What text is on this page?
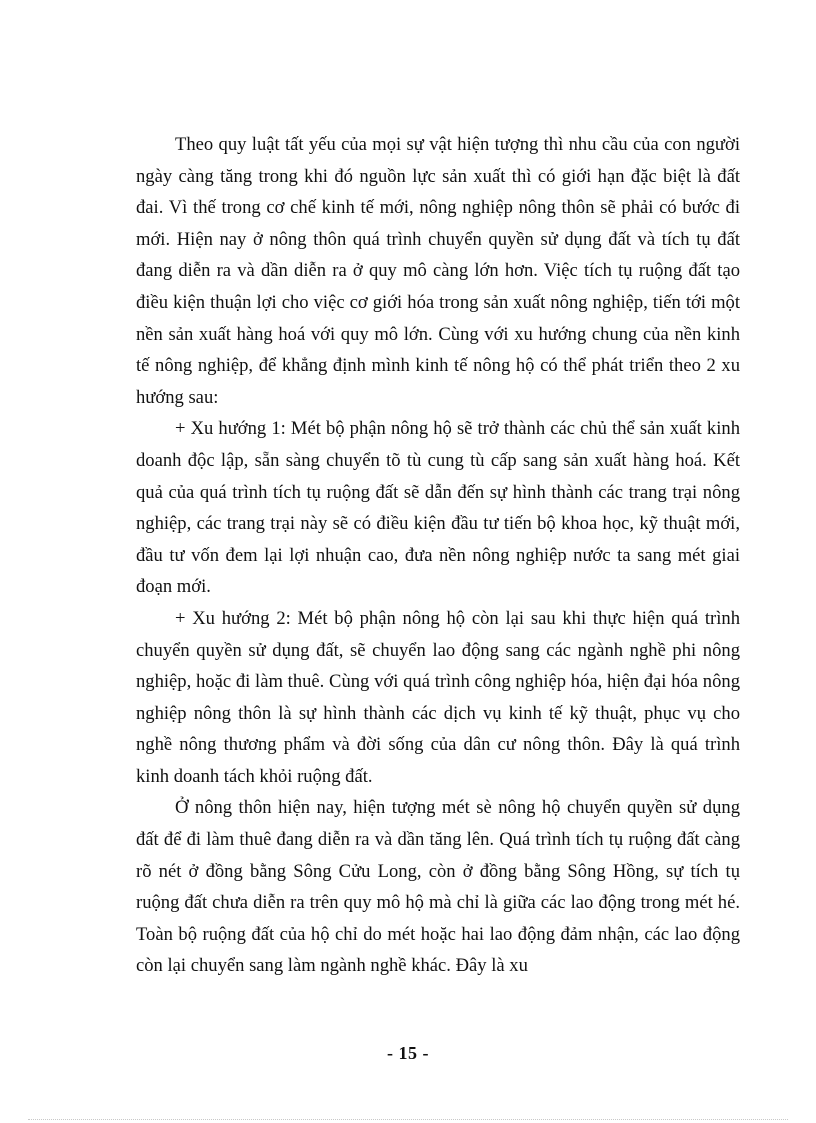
Theo quy luật tất yếu của mọi sự vật hiện tượng thì nhu cầu của con người ngày càng tăng trong khi đó nguồn lực sản xuất thì có giới hạn đặc biệt là đất đai. Vì thế trong cơ chế kinh tế mới, nông nghiệp nông thôn sẽ phải có bước đi mới. Hiện nay ở nông thôn quá trình chuyển quyền sử dụng đất và tích tụ đất đang diễn ra và dần diễn ra ở quy mô càng lớn hơn. Việc tích tụ ruộng đất tạo điều kiện thuận lợi cho việc cơ giới hóa trong sản xuất nông nghiệp, tiến tới một nền sản xuất hàng hoá với quy mô lớn. Cùng với xu hướng chung của nền kinh tế nông nghiệp, để khẳng định mình kinh tế nông hộ có thể phát triển theo 2 xu hướng sau:

+ Xu hướng 1: Mét bộ phận nông hộ sẽ trở thành các chủ thể sản xuất kinh doanh độc lập, sẵn sàng chuyển tõ tù cung tù cấp sang sản xuất hàng hoá. Kết quả của quá trình tích tụ ruộng đất sẽ dẫn đến sự hình thành các trang trại nông nghiệp, các trang trại này sẽ có điều kiện đầu tư tiến bộ khoa học, kỹ thuật mới, đầu tư vốn đem lại lợi nhuận cao, đưa nền nông nghiệp nước ta sang mét giai đoạn mới.

+ Xu hướng 2: Mét bộ phận nông hộ còn lại sau khi thực hiện quá trình chuyển quyền sử dụng đất, sẽ chuyển lao động sang các ngành nghề phi nông nghiệp, hoặc đi làm thuê. Cùng với quá trình công nghiệp hóa, hiện đại hóa nông nghiệp nông thôn là sự hình thành các dịch vụ kinh tế kỹ thuật, phục vụ cho nghề nông thương phẩm và đời sống của dân cư nông thôn. Đây là quá trình kinh doanh tách khỏi ruộng đất.

Ở nông thôn hiện nay, hiện tượng mét sè nông hộ chuyển quyền sử dụng đất để đi làm thuê đang diễn ra và dần tăng lên. Quá trình tích tụ ruộng đất càng rõ nét ở đồng bằng Sông Cửu Long, còn ở đồng bằng Sông Hồng, sự tích tụ ruộng đất chưa diễn ra trên quy mô hộ mà chỉ là giữa các lao động trong mét hé. Toàn bộ ruộng đất của hộ chỉ do mét hoặc hai lao động đảm nhận, các lao động còn lại chuyển sang làm ngành nghề khác. Đây là xu

- 15 -
